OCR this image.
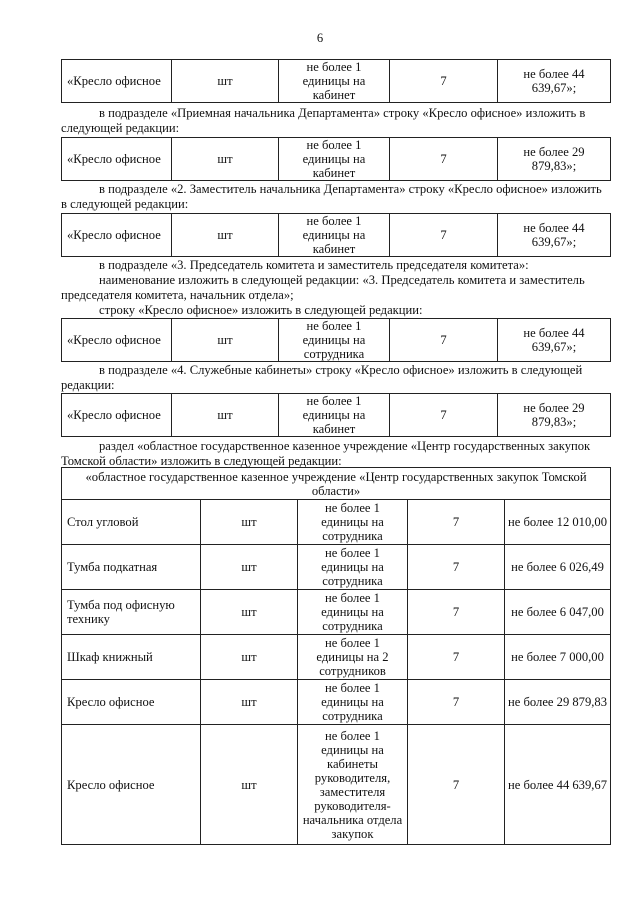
6
«Кресло офисное	шт	не более 1 единицы на кабинет	7	не более 44 639,67»;
в подразделе «Приемная начальника Департамента» строку «Кресло офисное» изложить в
следующей редакции:
«Кресло офисное	шт	не более 1 единицы на кабинет	7	не более 29 879,83»;
в подразделе «2. Заместитель начальника Департамента» строку «Кресло офисное» изложить
в следующей редакции:
«Кресло офисное	шт	не более 1 единицы на кабинет	7	не более 44 639,67»;
в подразделе «3. Председатель комитета и заместитель председателя комитета»:
наименование изложить в следующей редакции: «3. Председатель комитета и заместитель
председателя комитета, начальник отдела»;
строку «Кресло офисное» изложить в следующей редакции:
«Кресло офисное	шт	не более 1 единицы на сотрудника	7	не более 44 639,67»;
в подразделе «4. Служебные кабинеты» строку «Кресло офисное» изложить в следующей
редакции:
«Кресло офисное	шт	не более 1 единицы на кабинет	7	не более 29 879,83»;
раздел «областное государственное казенное учреждение «Центр государственных закупок
Томской области» изложить в следующей редакции:
«областное государственное казенное учреждение «Центр государственных закупок Томской области»				
Стол угловой	шт	не более 1 единицы на сотрудника	7	не более 12 010,00
Тумба подкатная	шт	не более 1 единицы на сотрудника	7	не более 6 026,49
Тумба под офисную технику	шт	не более 1 единицы на сотрудника	7	не более 6 047,00
Шкаф книжный	шт	не более 1 единицы на 2 сотрудников	7	не более 7 000,00
Кресло офисное	шт	не более 1 единицы на сотрудника	7	не более 29 879,83
Кресло офисное	шт	не более 1 единицы на кабинеты руководителя, заместителя руководителя-начальника отдела закупок	7	не более 44 639,67
